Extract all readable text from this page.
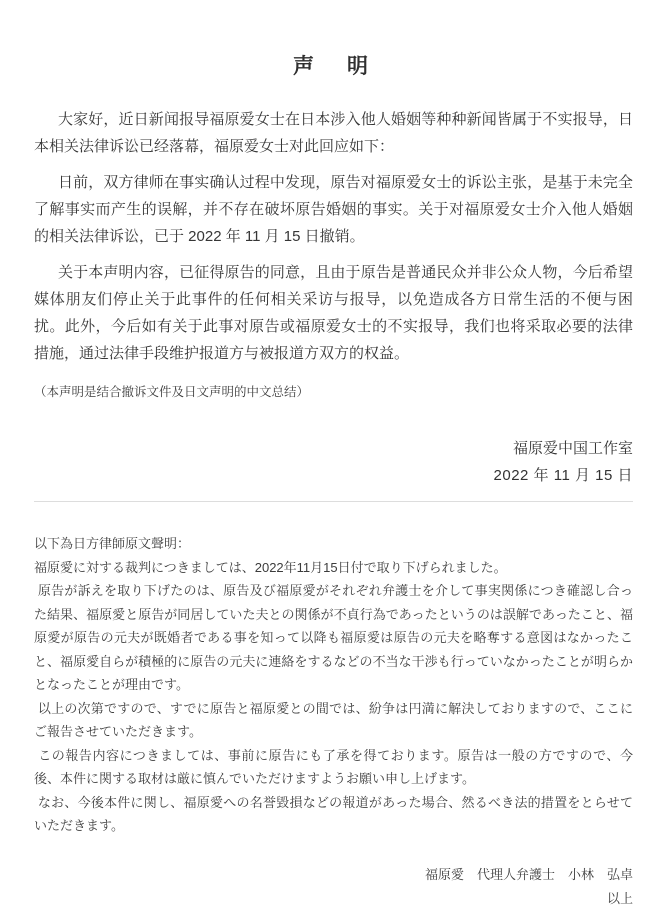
声　明

大家好，近日新闻报导福原爱女士在日本涉入他人婚姻等种种新闻皆属于不实报导，日本相关法律诉讼已经落幕，福原爱女士对此回应如下：

日前，双方律师在事实确认过程中发现，原告对福原爱女士的诉讼主张，是基于未完全了解事实而产生的误解，并不存在破坏原告婚姻的事实。关于对福原爱女士介入他人婚姻的相关法律诉讼，已于 2022 年 11 月 15 日撤销。

关于本声明内容，已征得原告的同意，且由于原告是普通民众并非公众人物，今后希望媒体朋友们停止关于此事件的任何相关采访与报导，以免造成各方日常生活的不便与困扰。此外，今后如有关于此事对原告或福原爱女士的不实报导，我们也将采取必要的法律措施，通过法律手段维护报道方与被报道方双方的权益。

（本声明是结合撤诉文件及日文声明的中文总结）

福原爱中国工作室
2022 年 11 月 15 日

以下為日方律師原文聲明：

福原愛に対する裁判につきましては、2022年11月15日付で取り下げられました。

原告が訴えを取り下げたのは、原告及び福原愛がそれぞれ弁護士を介して事実関係につき確認し合った結果、福原愛と原告が同居していた夫との関係が不貞行為であったというのは誤解であったこと、福原愛が原告の元夫が既婚者である事を知って以降も福原愛は原告の元夫を略奪する意図はなかったこと、福原愛自らが積極的に原告の元夫に連絡をするなどの不当な干渉も行っていなかったことが明らかとなったことが理由です。

以上の次第ですので、すでに原告と福原愛との間では、紛争は円満に解決しておりますので、ここにご報告させていただきます。

この報告内容につきましては、事前に原告にも了承を得ております。原告は一般の方ですので、今後、本件に関する取材は厳に慎んでいただけますようお願い申し上げます。

なお、今後本件に関し、福原愛への名誉毀損などの報道があった場合、然るべき法的措置をとらせていただきます。

福原愛　代理人弁護士　小林　弘卓
以上
